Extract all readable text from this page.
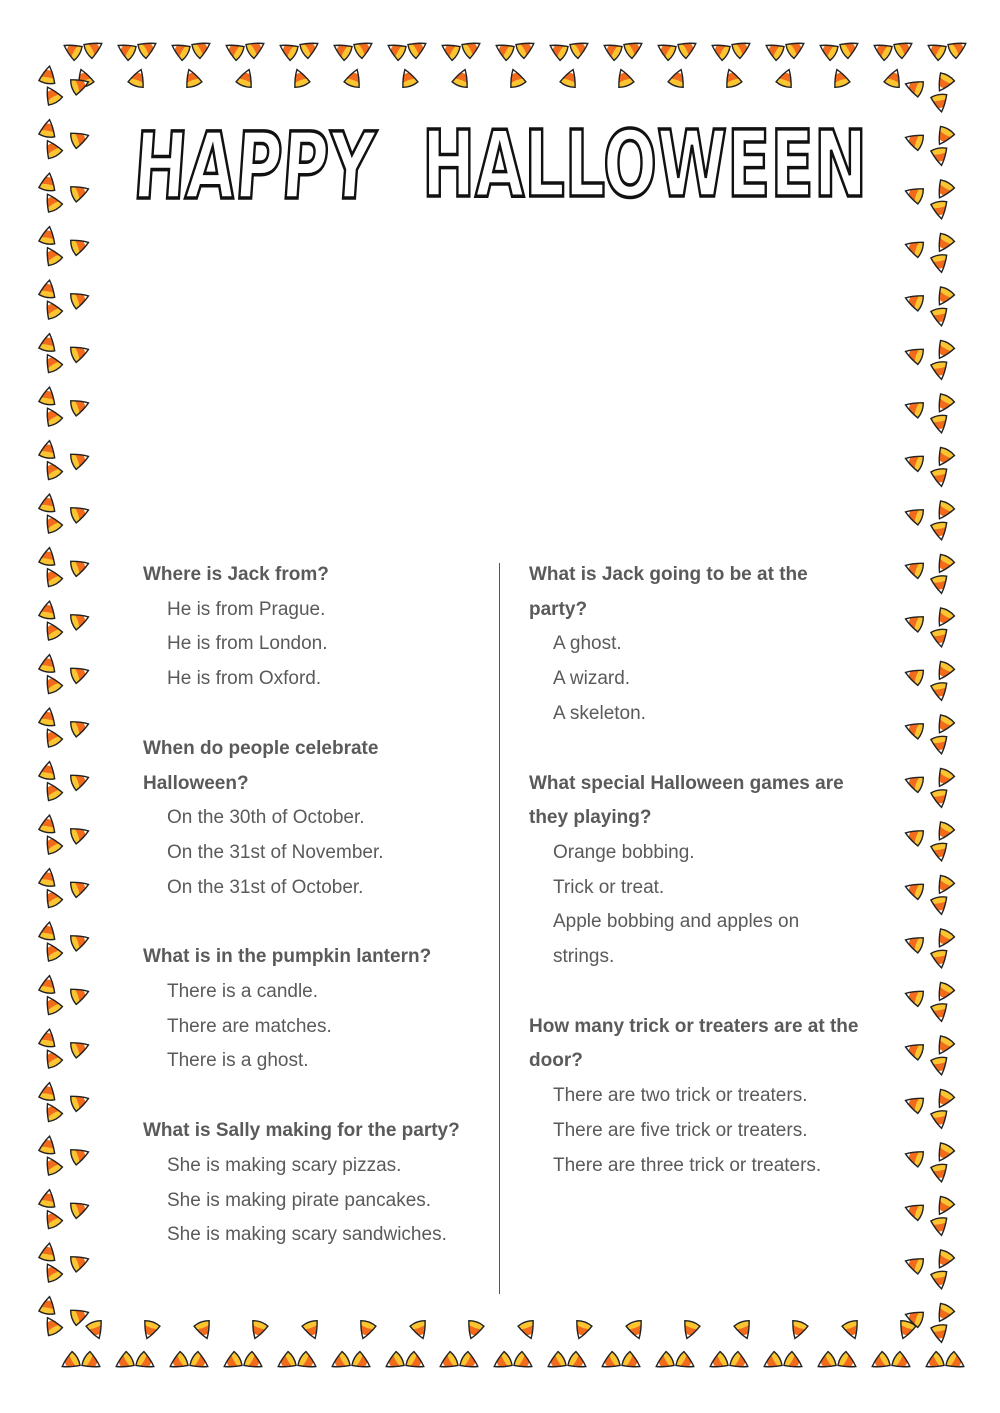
HAPPY
HALLOWEEN

Where is Jack from?

He is from Prague.

He is from London.

He is from Oxford.

When do people celebrate Halloween?

On the 30th of October.

On the 31st of November.

On the 31st of October.

What is in the pumpkin lantern?

There is a candle.

There are matches.

There is a ghost.

What is Sally making for the party?

She is making scary pizzas.

She is making pirate pancakes.

She is making scary sandwiches.

What is Jack going to be at the party?

A ghost.

A wizard.

A skeleton.

What special Halloween games are they playing?

Orange bobbing.

Trick or treat.

Apple bobbing and apples on strings.

How many trick or treaters are at the door?

There are two trick or treaters.

There are five trick or treaters.

There are three trick or treaters.
